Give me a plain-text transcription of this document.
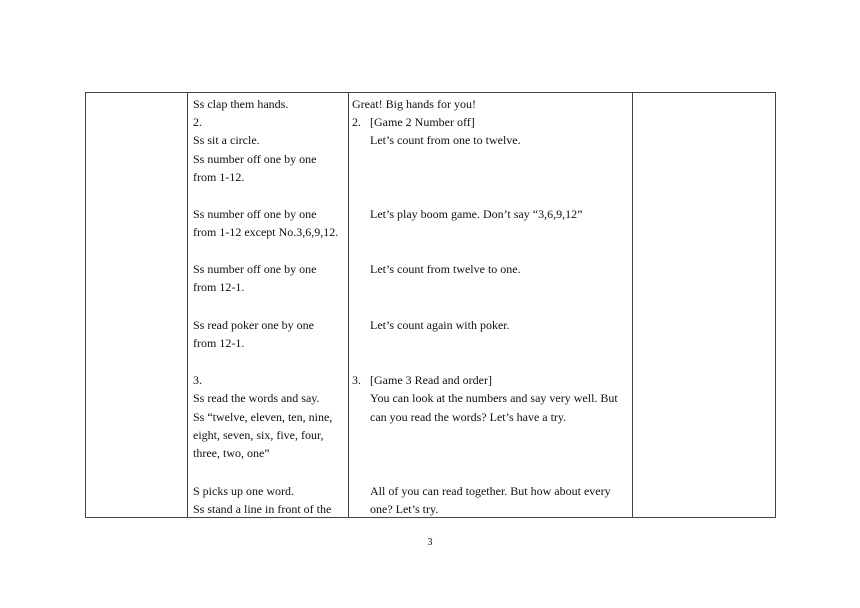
Ss clap them hands.
2.
Ss sit a circle.
Ss number off one by one
from 1-12.
Ss number off one by one
from 1-12 except No.3,6,9,12.
Ss number off one by one
from 12-1.
Ss read poker one by one
from 12-1.
3.
Ss read the words and say.
Ss “twelve, eleven, ten, nine,
eight, seven, six, five, four,
three, two, one”
S picks up one word.
Ss stand a line in front of the

Great! Big hands for you!
2. [Game 2 Number off]
Let’s count from one to twelve.
Let’s play boom game. Don’t say “3,6,9,12”
Let’s count from twelve to one.
Let’s count again with poker.
3. [Game 3 Read and order]
You can look at the numbers and say very well. But
can you read the words? Let’s have a try.
All of you can read together. But how about every
one? Let’s try.

3
